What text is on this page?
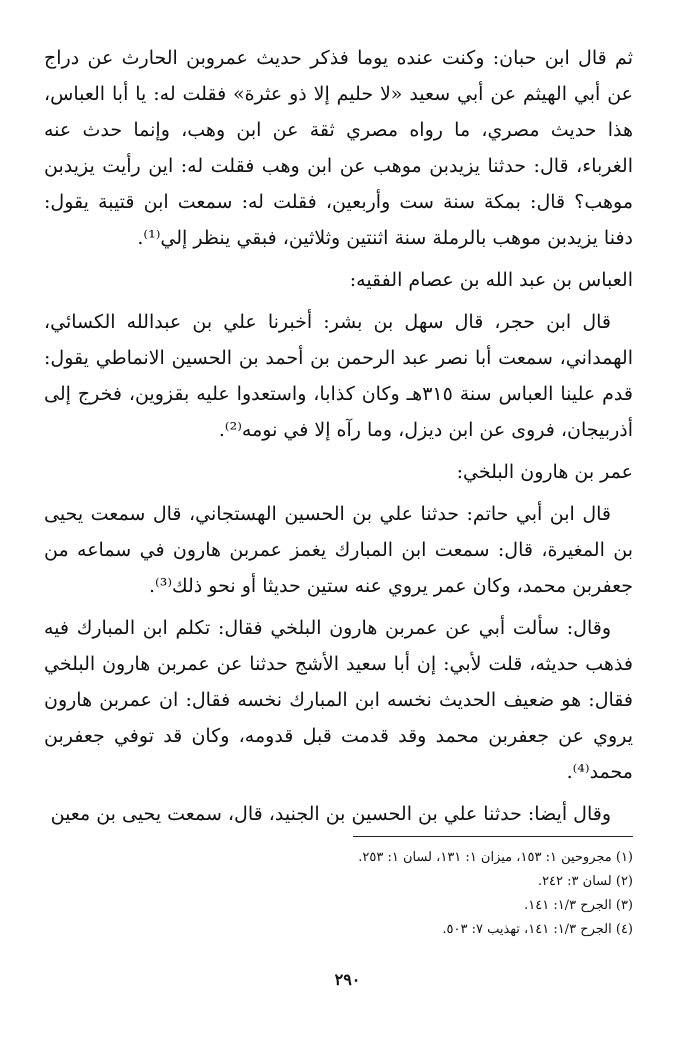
ثم قال ابن حبان: وكنت عنده يوما فذكر حديث عمروبن الحارث عن دراج عن أبي الهيثم عن أبي سعيد «لا حليم إلا ذو عثرة» فقلت له: يا أبا العباس، هذا حديث مصري، ما رواه مصري ثقة عن ابن وهب، وإنما حدث عنه الغرباء، قال: حدثنا يزيدبن موهب عن ابن وهب فقلت له: اين رأيت يزيدبن موهب؟ قال: بمكة سنة ست وأربعين، فقلت له: سمعت ابن قتيبة يقول: دفنا يزيدبن موهب بالرملة سنة اثنتين وثلاثين، فبقي ينظر إلي⁽¹⁾.

العباس بن عبد الله بن عصام الفقيه:

قال ابن حجر، قال سهل بن بشر: أخبرنا علي بن عبدالله الكسائي، الهمداني، سمعت أبا نصر عبد الرحمن بن أحمد بن الحسين الانماطي يقول: قدم علينا العباس سنة ٣١٥هـ وكان كذابا، واستعدوا عليه بقزوين، فخرج إلى أذربيجان، فروى عن ابن ديزل، وما رآه إلا في نومه⁽²⁾.

عمر بن هارون البلخي:

قال ابن أبي حاتم: حدثنا علي بن الحسين الهستجاني، قال سمعت يحيى بن المغيرة، قال: سمعت ابن المبارك يغمز عمربن هارون في سماعه من جعفربن محمد، وكان عمر يروي عنه ستين حديثا أو نحو ذلك⁽³⁾.

وقال: سألت أبي عن عمربن هارون البلخي فقال: تكلم ابن المبارك فيه فذهب حديثه، قلت لأبي: إن أبا سعيد الأشج حدثنا عن عمربن هارون البلخي فقال: هو ضعيف الحديث نخسه ابن المبارك نخسه فقال: ان عمربن هارون يروي عن جعفربن محمد وقد قدمت قبل قدومه، وكان قد توفي جعفربن محمد⁽⁴⁾.

وقال أيضا: حدثنا علي بن الحسين بن الجنيد، قال، سمعت يحيى بن معين

(١) مجروحين ١: ١٥٣، ميزان ١: ١٣١، لسان ١: ٢٥٣.

(٢) لسان ٣: ٢٤٢.

(٣) الجرح ١/٣: ١٤١.

(٤) الجرح ١/٣: ١٤١، تهذيب ٧: ٥٠٣.

٢٩٠
